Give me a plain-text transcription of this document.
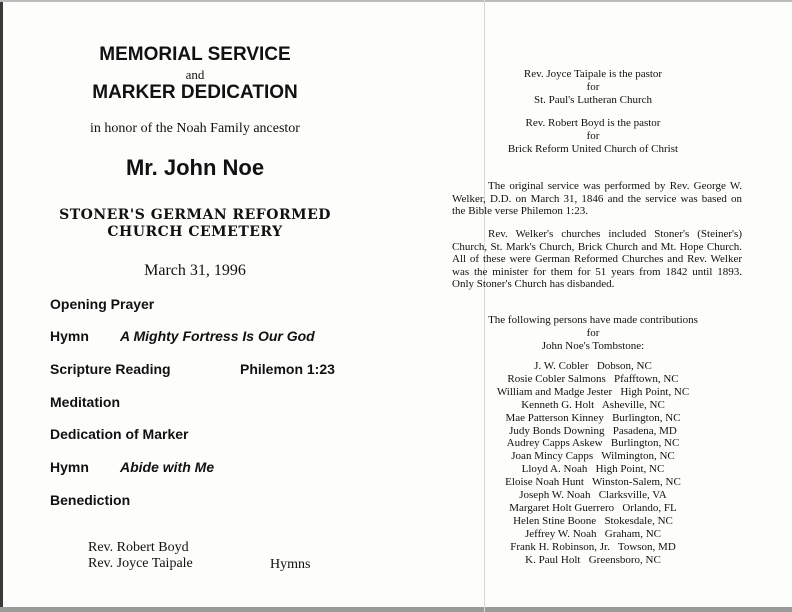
MEMORIAL SERVICE
and
MARKER DEDICATION
in honor of the Noah Family ancestor
Mr. John Noe
STONER'S GERMAN REFORMED
CHURCH CEMETERY
March 31, 1996
Opening Prayer
Hymn A Mighty Fortress Is Our God
Scripture Reading	Philemon 1:23
Meditation
Dedication of Marker
Hymn Abide with Me
Benediction
Rev. Robert Boyd
Rev. Joyce Taipale	Hymns
Rev. Joyce Taipale is the pastor
for
St. Paul's Lutheran Church
Rev. Robert Boyd is the pastor
for
Brick Reform United Church of Christ
The original service was performed by Rev. George W. Welker, D.D. on March 31, 1846 and the service was based on the Bible verse Philemon 1:23.
Rev. Welker's churches included Stoner's (Steiner's) Church, St. Mark's Church, Brick Church and Mt. Hope Church. All of these were German Reformed Churches and Rev. Welker was the minister for them for 51 years from 1842 until 1893. Only Stoner's Church has disbanded.
The following persons have made contributions
for
John Noe's Tombstone:
J. W. Cobler   Dobson, NC
Rosie Cobler Salmons   Pfafftown, NC
William and Madge Jester   High Point, NC
Kenneth G. Holt   Asheville, NC
Mae Patterson Kinney   Burlington, NC
Judy Bonds Downing   Pasadena, MD
Audrey Capps Askew   Burlington, NC
Joan Mincy Capps   Wilmington, NC
Lloyd A. Noah   High Point, NC
Eloise Noah Hunt   Winston-Salem, NC
Joseph W. Noah   Clarksville, VA
Margaret Holt Guerrero   Orlando, FL
Helen Stine Boone   Stokesdale, NC
Jeffrey W. Noah   Graham, NC
Frank H. Robinson, Jr.   Towson, MD
K. Paul Holt   Greensboro, NC
